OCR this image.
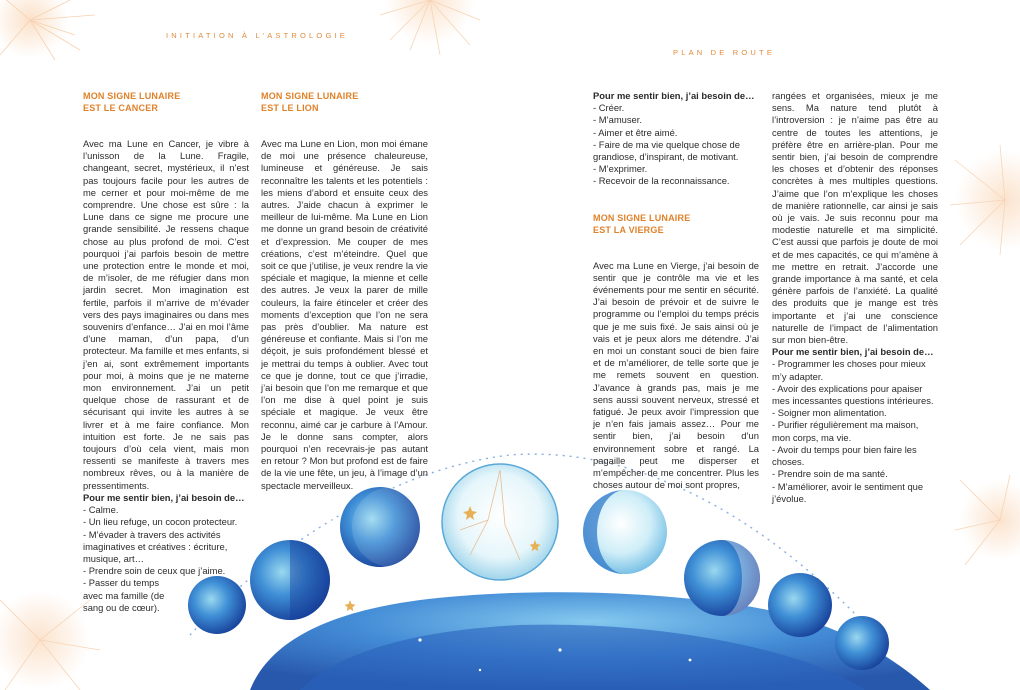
INITIATION À L’ASTROLOGIE
PLAN DE ROUTE
MON SIGNE LUNAIRE
EST LE CANCER

Avec ma Lune en Cancer, je vibre à l’unisson de la Lune. Fragile, changeant, secret, mystérieux, il n’est pas toujours facile pour les autres de me cerner et pour moi-même de me comprendre. Une chose est sûre : la Lune dans ce signe me procure une grande sensibilité. Je ressens chaque chose au plus profond de moi. C’est pourquoi j’ai parfois besoin de mettre une protection entre le monde et moi, de m’isoler, de me réfugier dans mon jardin secret. Mon imagination est fertile, parfois il m’arrive de m’évader vers des pays imaginaires ou dans mes souvenirs d’enfance… J’ai en moi l’âme d’une maman, d’un papa, d’un protecteur. Ma famille et mes enfants, si j’en ai, sont extrêmement importants pour moi, à moins que je ne materne mon environnement. J’ai un petit quelque chose de rassurant et de sécurisant qui invite les autres à se livrer et à me faire confiance. Mon intuition est forte. Je ne sais pas toujours d’où cela vient, mais mon ressenti se manifeste à travers mes nombreux rêves, ou à la manière de pressentiments.

Pour me sentir bien, j’ai besoin de…

- Calme.
- Un lieu refuge, un cocon protecteur.
- M’évader à travers des activités imaginatives et créatives : écriture, musique, art…
- Prendre soin de ceux que j’aime.
- Passer du temps avec ma famille (de sang ou de cœur).
MON SIGNE LUNAIRE
EST LE LION

Avec ma Lune en Lion, mon moi émane de moi une présence chaleureuse, lumineuse et généreuse. Je sais reconnaître les talents et les potentiels : les miens d’abord et ensuite ceux des autres. J’aide chacun à exprimer le meilleur de lui-même. Ma Lune en Lion me donne un grand besoin de créativité et d’expression. Me couper de mes créations, c’est m’éteindre. Quel que soit ce que j’utilise, je veux rendre la vie spéciale et magique, la mienne et celle des autres. Je veux la parer de mille couleurs, la faire étinceler et créer des moments d’exception que l’on ne sera pas près d’oublier. Ma nature est généreuse et confiante. Mais si l’on me déçoit, je suis profondément blessé et je mettrai du temps à oublier. Avec tout ce que je donne, tout ce que j’irradie, j’ai besoin que l’on me remarque et que l’on me dise à quel point je suis spéciale et magique. Je veux être reconnu, aimé car je carbure à l’Amour. Je le donne sans compter, alors pourquoi n’en recevrais-je pas autant en retour ? Mon but profond est de faire de la vie une fête, un jeu, à l’image d’un spectacle merveilleux.

Pour me sentir bien, j’ai besoin de…

- Créer.
- M’amuser.
- Aimer et être aimé.
- Faire de ma vie quelque chose de grandiose, d’inspirant, de motivant.
- M’exprimer.
- Recevoir de la reconnaissance.
MON SIGNE LUNAIRE
EST LA VIERGE

Avec ma Lune en Vierge, j’ai besoin de sentir que je contrôle ma vie et les événements pour me sentir en sécurité. J’ai besoin de prévoir et de suivre le programme ou l’emploi du temps précis que je me suis fixé. Je sais ainsi où je vais et je peux alors me détendre. J’ai en moi un constant souci de bien faire et de m’améliorer, de telle sorte que je me remets souvent en question. J’avance à grands pas, mais je me sens aussi souvent nerveux, stressé et fatigué. Je peux avoir l’impression que je n’en fais jamais assez… Pour me sentir bien, j’ai besoin d’un environnement sobre et rangé. La pagaille peut me disperser et m’empêcher de me concentrer. Plus les choses autour de moi sont propres,

rangées et organisées, mieux je me sens. Ma nature tend plutôt à l’introversion : je n’aime pas être au centre de toutes les attentions, je préfère être en arrière-plan. Pour me sentir bien, j’ai besoin de comprendre les choses et d’obtenir des réponses concrètes à mes multiples questions. J’aime que l’on m’explique les choses de manière rationnelle, car ainsi je sais où je vais. Je suis reconnu pour ma modestie naturelle et ma simplicité. C’est aussi que parfois je doute de moi et de mes capacités, ce qui m’amène à me mettre en retrait. J’accorde une grande importance à ma santé, et cela génère parfois de l’anxiété. La qualité des produits que je mange est très importante et j’ai une conscience naturelle de l’impact de l’alimentation sur mon bien-être.

Pour me sentir bien, j’ai besoin de…

- Programmer les choses pour mieux m’y adapter.
- Avoir des explications pour apaiser mes incessantes questions intérieures.
- Soigner mon alimentation.
- Purifier régulièrement ma maison, mon corps, ma vie.
- Avoir du temps pour bien faire les choses.
- Prendre soin de ma santé.
- M’améliorer, avoir le sentiment que j’évolue.
